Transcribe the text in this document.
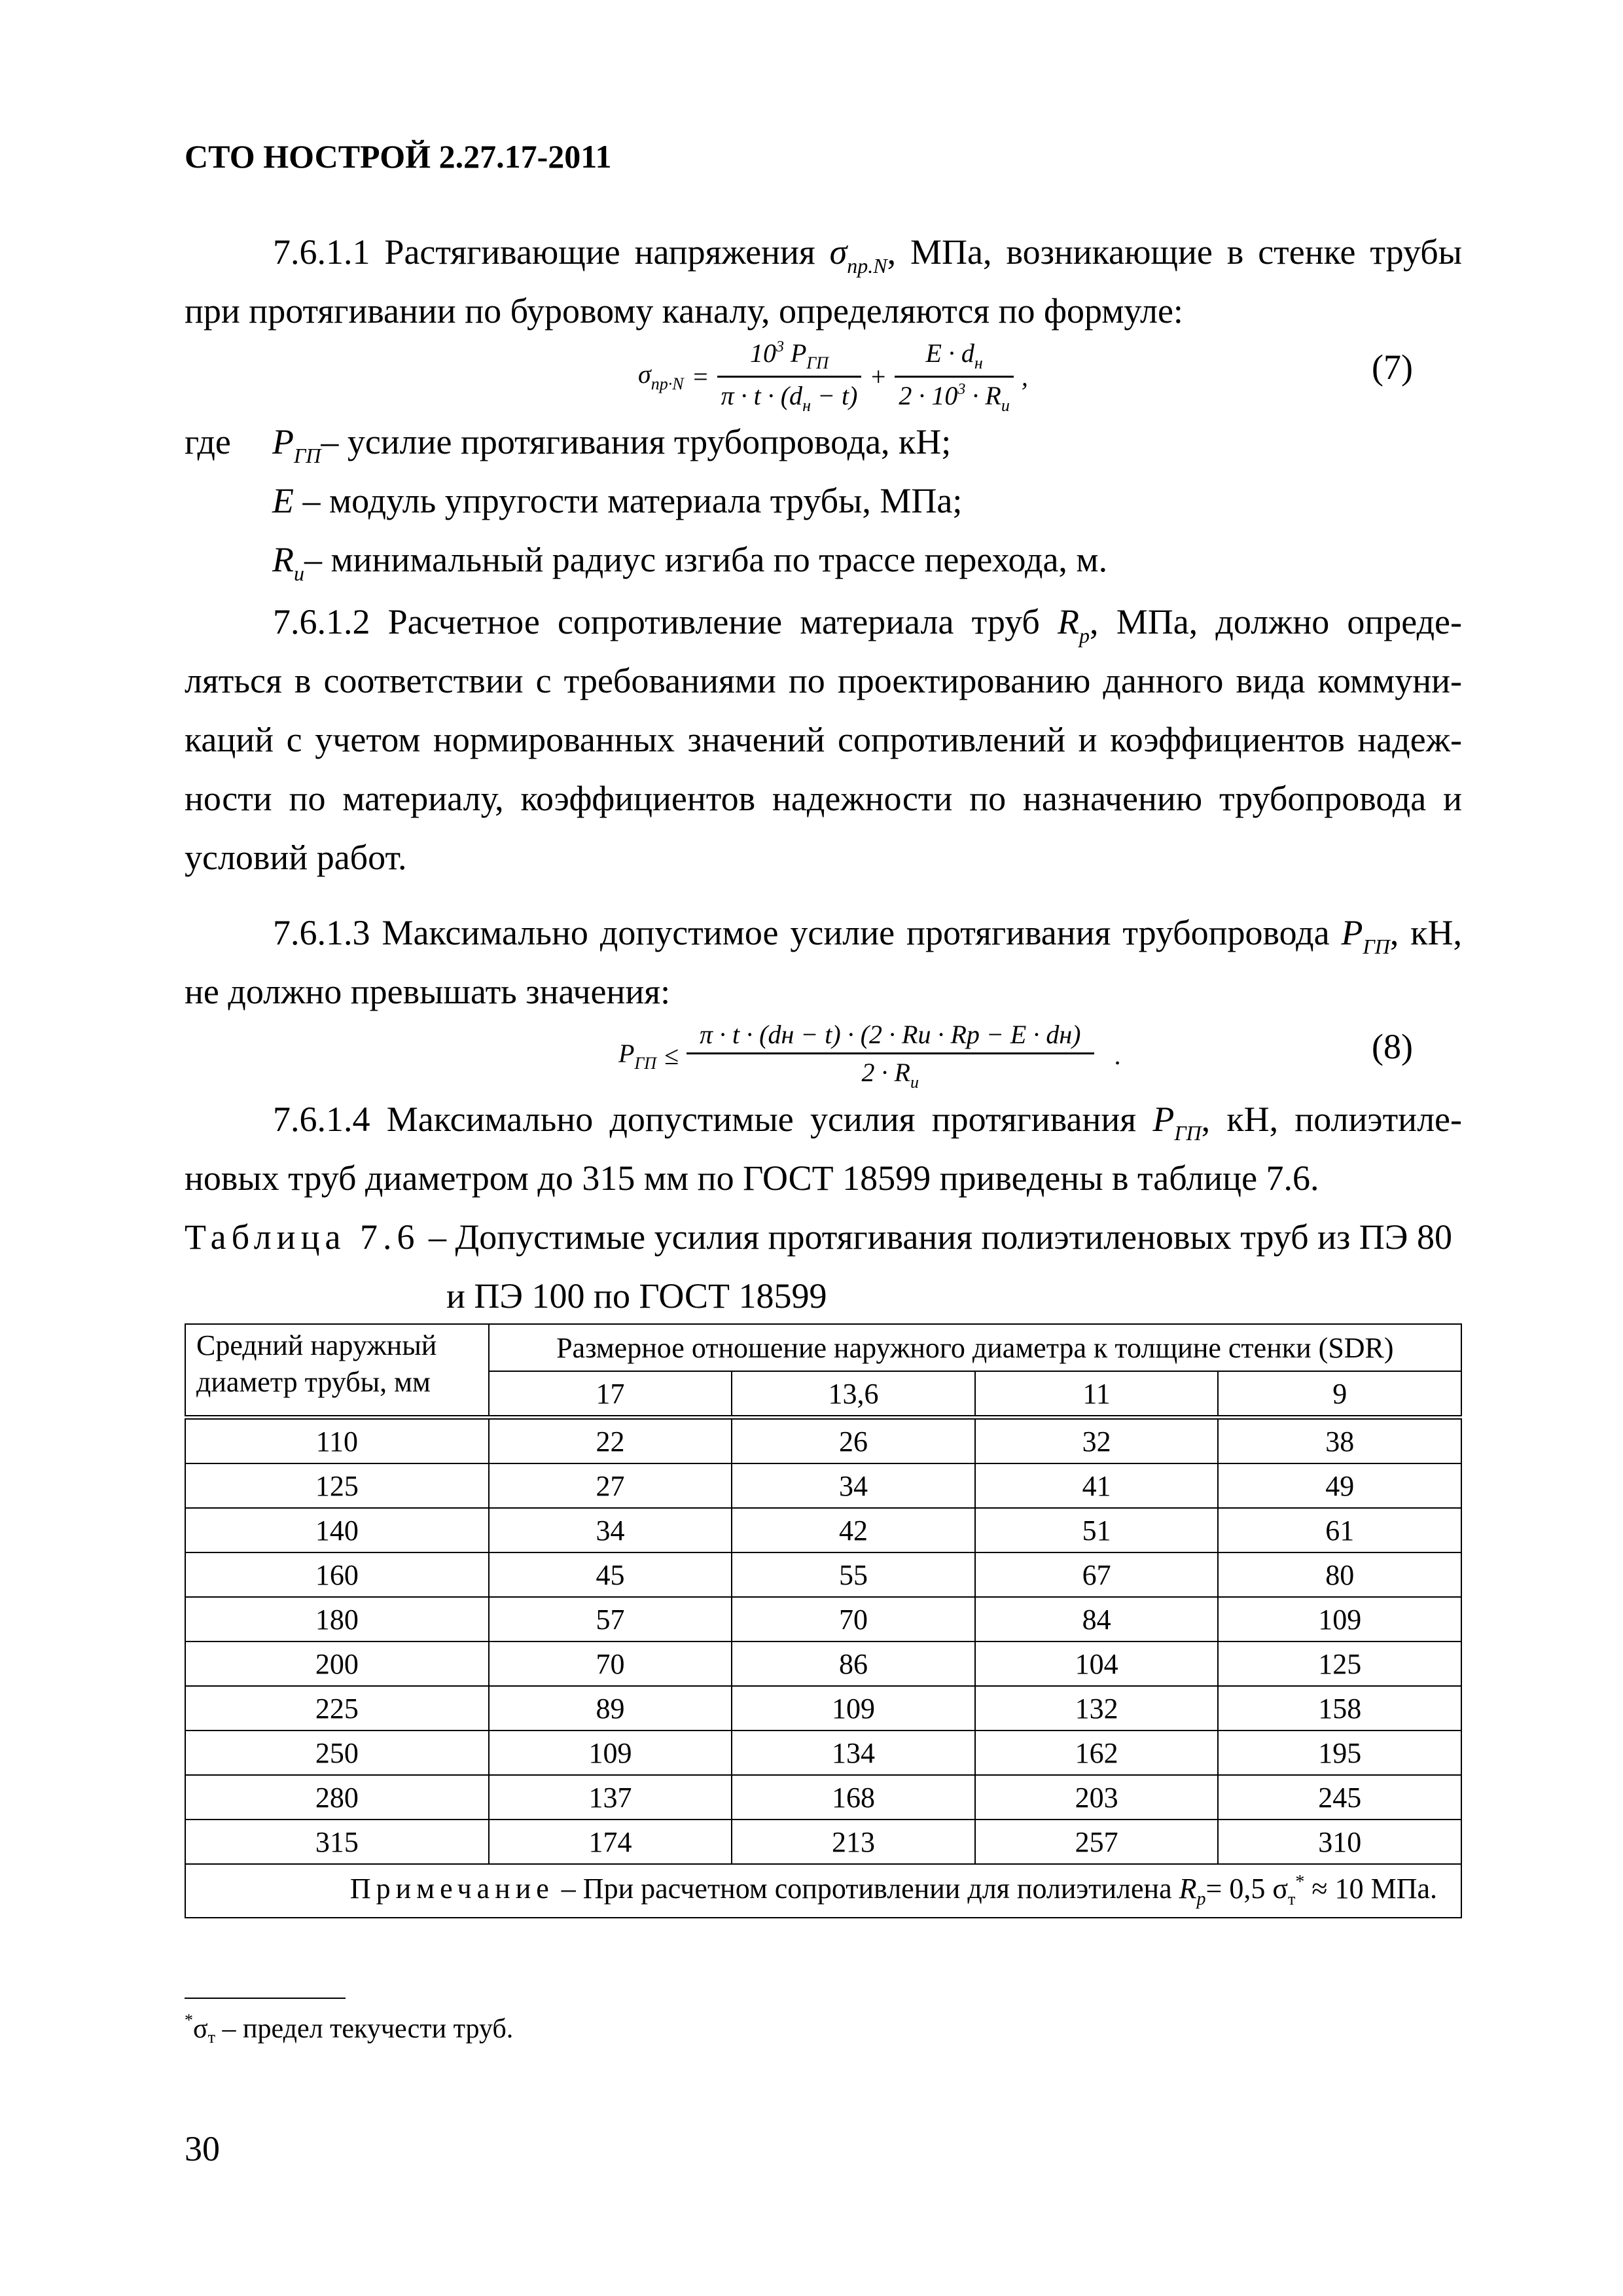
СТО НОСТРОЙ 2.27.17-2011
7.6.1.1 Растягивающие напряжения $\sigma_{пр.N}$, МПа, возникающие в стенке трубы
при протягивании по буровому каналу, определяются по формуле:
$\sigma_{пр\cdot N} = \frac{10^3 P_{ГП}}{\pi \cdot t \cdot (d_н - t)} + \frac{E \cdot d_н}{2 \cdot 10^3 \cdot R_и}$ ,	(7)
где $P_{ГП}-$ усилие протягивания трубопровода, кН;
E – модуль упругости материала трубы, МПа;
$R_и-$ минимальный радиус изгиба по трассе перехода, м.
7.6.1.2 Расчетное сопротивление материала труб $R_р$, МПа, должно опреде-
ляться в соответствии с требованиями по проектированию данного вида коммуни-
каций с учетом нормированных значений сопротивлений и коэффициентов надеж-
ности по материалу, коэффициентов надежности по назначению трубопровода и
условий работ.
7.6.1.3 Максимально допустимое усилие протягивания трубопровода $P_{ГП}$, кН,
не должно превышать значения:
$P_{ГП} \le \frac{\pi \cdot t \cdot (dн - t) \cdot (2 \cdot Rи \cdot Rр - E \cdot dн)}{2 \cdot R_и}$ .	(8)
7.6.1.4 Максимально допустимые усилия протягивания $P_{ГП}$, кН, полиэтиле-
новых труб диаметром до 315 мм по ГОСТ 18599 приведены в таблице 7.6.
Таблица 7.6 – Допустимые усилия протягивания полиэтиленовых труб из ПЭ 80
и ПЭ 100 по ГОСТ 18599
Средний наружный
диаметр трубы, мм	Размерное отношение наружного диаметра к толщине стенки (SDR)			
	17	13,6	11	9
110	22	26	32	38
125	27	34	41	49
140	34	42	51	61
160	45	55	67	80
180	57	70	84	109
200	70	86	104	125
225	89	109	132	158
250	109	134	162	195
280	137	168	203	245
315	174	213	257	310
Примечание – При расчетном сопротивлении для полиэтилена $R_р= 0,5$ $\sigma_т^* \approx 10$ МПа.				
*σт – предел текучести труб.
30
